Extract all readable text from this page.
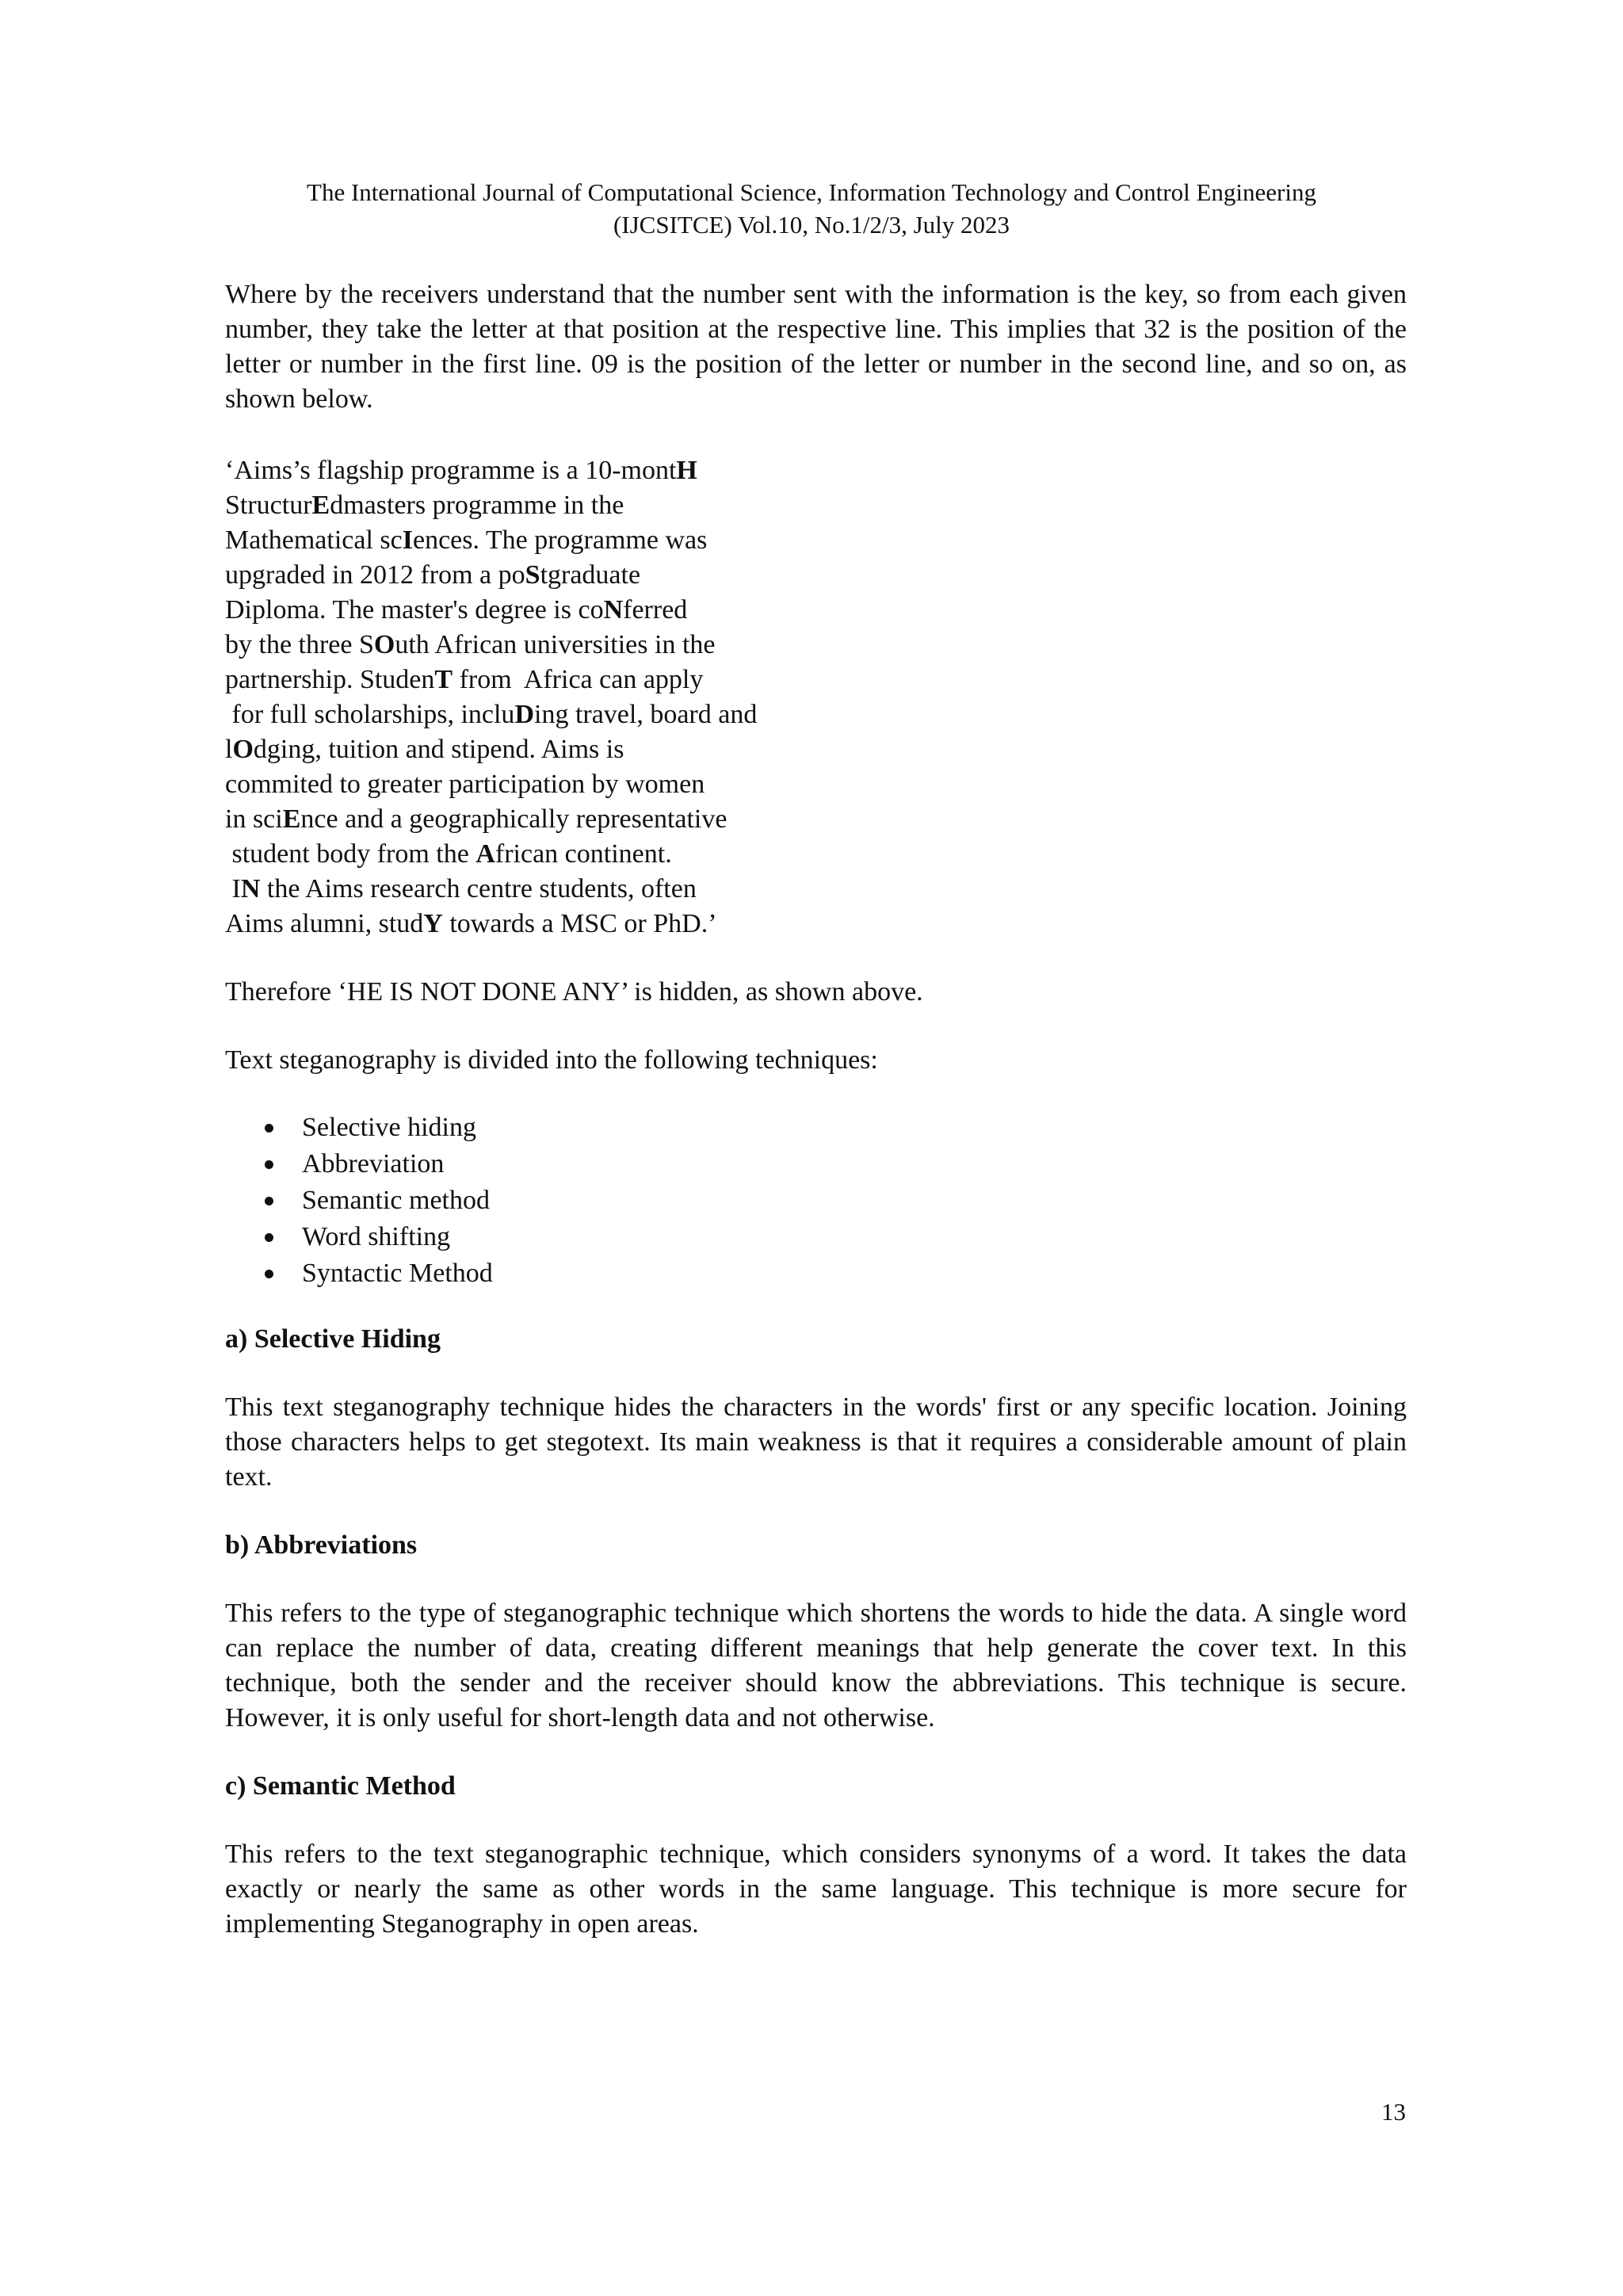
The International Journal of Computational Science, Information Technology and Control Engineering
(IJCSITCE) Vol.10, No.1/2/3, July 2023

Where by the receivers understand that the number sent with the information is the key, so from each given number, they take the letter at that position at the respective line. This implies that 32 is the position of the letter or number in the first line. 09 is the position of the letter or number in the second line, and so on, as shown below.

‘Aims’s flagship programme is a 10-montH
StructurEdmasters programme in the
Mathematical scIences. The programme was
upgraded in 2012 from a poStgraduate
Diploma. The master's degree is coNferred
by the three SOuth African universities in the
partnership. StudenT from  Africa can apply
for full scholarships, incluDing travel, board and
lOdging, tuition and stipend. Aims is
commited to greater participation by women
in sciEnce and a geographically representative
student body from the African continent.
IN the Aims research centre students, often
Aims alumni, studY towards a MSC or PhD.’

Therefore ‘HE IS NOT DONE ANY’ is hidden, as shown above.

Text steganography is divided into the following techniques:

Selective hiding
Abbreviation
Semantic method
Word shifting
Syntactic Method

a) Selective Hiding

This text steganography technique hides the characters in the words' first or any specific location. Joining those characters helps to get stegotext. Its main weakness is that it requires a considerable amount of plain text.

b) Abbreviations

This refers to the type of steganographic technique which shortens the words to hide the data. A single word can replace the number of data, creating different meanings that help generate the cover text. In this technique, both the sender and the receiver should know the abbreviations. This technique is secure. However, it is only useful for short-length data and not otherwise.

c) Semantic Method

This refers to the text steganographic technique, which considers synonyms of a word. It takes the data exactly or nearly the same as other words in the same language. This technique is more secure for implementing Steganography in open areas.

13
